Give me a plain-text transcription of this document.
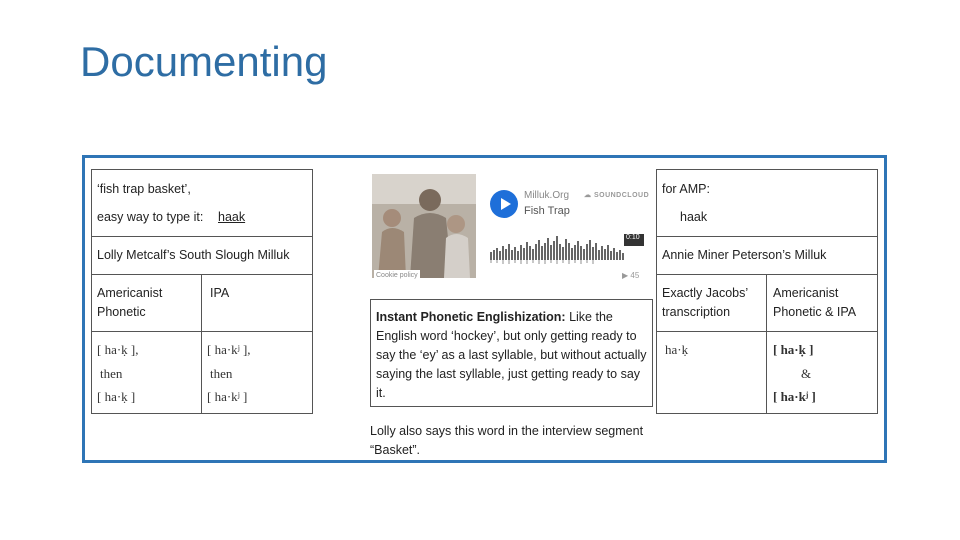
Documenting
‘fish trap basket’,
easy way to type it: haak
Lolly Metcalf’s South Slough Milluk
Americanist
Phonetic
IPA
[ ha·ḳ ],
then
[ ha·ḳ ]
[ ha·kʲ ],
then
[ ha·kʲ ]
Milluk.Org
Fish Trap
☁ SOUNDCLOUD
0:10
▶ 45
Cookie policy
Instant Phonetic Englishization: Like the English word ‘hockey’, but only getting ready to say the ‘ey’ as a last syllable, but without actually saying the last syllable, just getting ready to say it.
Lolly also says this word in the interview segment “Basket”.
for AMP:
haak
Annie Miner Peterson’s Milluk
Exactly Jacobs’ transcription
Americanist Phonetic & IPA
ha·ḳ	[ ha·ḳ ]
&
[ ha·kʲ ]
